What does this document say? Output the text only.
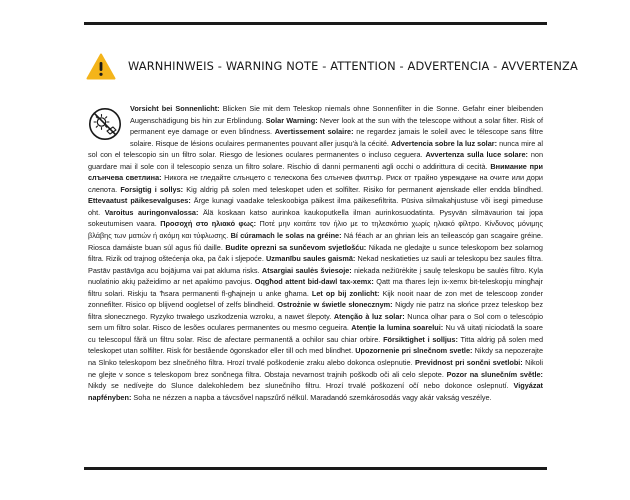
WARNHINWEIS - WARNING NOTE - ATTENTION - ADVERTENCIA - AVVERTENZA

Vorsicht bei Sonnenlicht: Blicken Sie mit dem Teleskop niemals ohne Sonnenfilter in die Sonne. Gefahr einer bleibenden Augenschädigung bis hin zur Erblindung. Solar Warning: Never look at the sun with the telescope without a solar filter. Risk of permanent eye damage or even blindness. Avertissement solaire: ne regardez jamais le soleil avec le télescope sans filtre solaire. Risque de lésions oculaires permanentes pouvant aller jusqu'à la cécité. Advertencia sobre la luz solar: nunca mire al sol con el telescopio sin un filtro solar. Riesgo de lesiones oculares permanentes o incluso ceguera. Avvertenza sulla luce solare: non guardare mai il sole con il telescopio senza un filtro solare. Rischio di danni permanenti agli occhi o addirittura di cecità. Внимание при слънчева светлина: Никога не гледайте слънцето с телескопа без слънчев филтър. Риск от трайно увреждане на очите или дори слепота. Forsigtig i sollys: Kig aldrig på solen med teleskopet uden et solfilter. Risiko for permanent øjenskade eller endda blindhed. Ettevaatust päikesevalguses: Ärge kunagi vaadake teleskoobiga päikest ilma päikesefiltrita. Püsiva silmakahjustuse või isegi pimeduse oht. Varoitus auringonvalossa: Älä koskaan katso aurinkoa kaukoputkella ilman aurinkosuodatinta. Pysyvän silmävaurion tai jopa sokeutumisen vaara. Προσοχή στο ηλιακό φως: Ποτέ μην κοιτάτε τον ήλιο με το τηλεσκόπιο χωρίς ηλιακό φίλτρο. Κίνδυνος μόνιμης βλάβης των ματιών ή ακόμη και τύφλωσης. Bí cúramach le solas na gréine: Ná féach ar an ghrian leis an teileascóp gan scagaire gréine. Riosca damáiste buan súl agus fiú daille. Budite oprezni sa sunčevom svjetlošću: Nikada ne gledajte u sunce teleskopom bez solarnog filtra. Rizik od trajnog oštećenja oka, pa čak i sljepoće. Uzmanību saules gaismā: Nekad neskatieties uz sauli ar teleskopu bez saules filtra. Pastāv pastāvīga acu bojājuma vai pat akluma risks. Atsargiai saulės šviesoje: niekada nežiūrėkite į saulę teleskopu be saulės filtro. Kyla nuolatinio akių pažeidimo ar net apakimo pavojus. Oqgħod attent bid-dawl tax-xemx: Qatt ma tħares lejn ix-xemx bit-teleskopju mingħajr filtru solari. Riskju ta 'ħsara permanenti fl-għajnejn u anke għama. Let op bij zonlicht: Kijk nooit naar de zon met de telescoop zonder zonnefilter. Risico op blijvend oogletsel of zelfs blindheid. Ostrożnie w świetle słonecznym: Nigdy nie patrz na słońce przez teleskop bez filtra słonecznego. Ryzyko trwałego uszkodzenia wzroku, a nawet ślepoty. Atenção à luz solar: Nunca olhar para o Sol com o telescópio sem um filtro solar. Risco de lesões oculares permanentes ou mesmo cegueira. Atenție la lumina soarelui: Nu vă uitați niciodată la soare cu telescopul fără un filtru solar. Risc de afectare permanentă a ochilor sau chiar orbire. Försiktighet i solljus: Titta aldrig på solen med teleskopet utan solfilter. Risk för bestående ögonskador eller till och med blindhet. Upozornenie pri slnečnom svetle: Nikdy sa nepozerajte na Slnko teleskopom bez slnečného filtra. Hrozí trvalé poškodenie zraku alebo dokonca oslepnutie. Previdnost pri sončni svetlobi: Nikoli ne glejte v sonce s teleskopom brez sončnega filtra. Obstaja nevarnost trajnih poškodb oči ali celo slepote. Pozor na slunečním světle: Nikdy se nedívejte do Slunce dalekohledem bez slunečního filtru. Hrozí trvalé poškození očí nebo dokonce oslepnutí. Vigyázat napfényben: Soha ne nézzen a napba a távcsővel napszűrő nélkül. Maradandó szemkárosodás vagy akár vakság veszélye.
